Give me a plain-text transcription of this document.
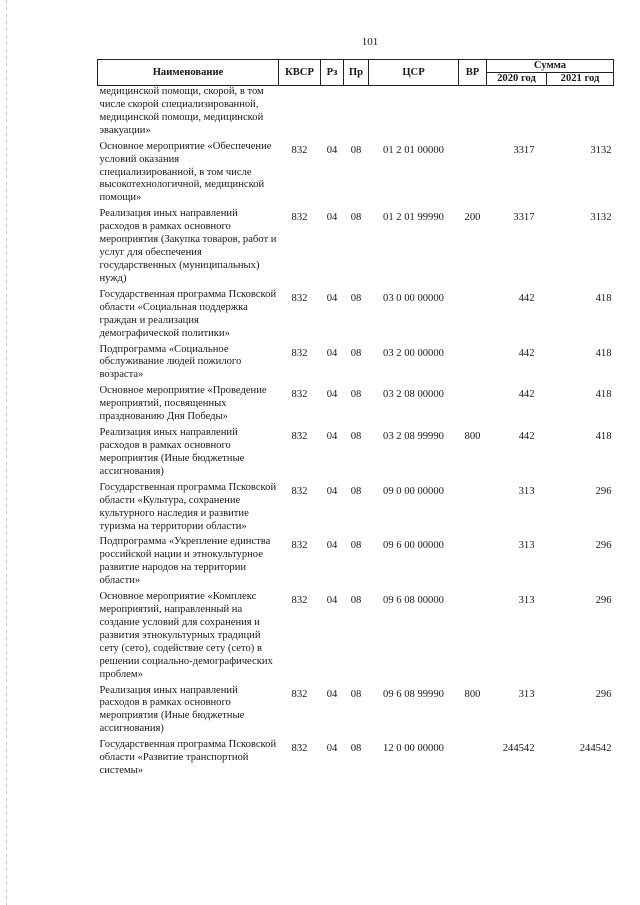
101
Наименование	КВСР	Рз	Пр	ЦСР	ВР	Сумма	
						2020 год	2021 год
медицинской помощи, скорой, в том числе скорой специализированной, медицинской помощи, медицинской эвакуации»							
Основное мероприятие «Обеспечение условий оказания специализированной, в том числе высокотехнологичной, медицинской помощи»	832	04	08	01 2 01 00000		3317	3132
Реализация иных направлений расходов в рамках основного мероприятия (Закупка товаров, работ и услуг для обеспечения государственных (муниципальных) нужд)	832	04	08	01 2 01 99990	200	3317	3132
Государственная программа Псковской области «Социальная поддержка граждан и реализация демографической политики»	832	04	08	03 0 00 00000		442	418
Подпрограмма «Социальное обслуживание людей пожилого возраста»	832	04	08	03 2 00 00000		442	418
Основное мероприятие «Проведение мероприятий, посвященных празднованию Дня Победы»	832	04	08	03 2 08 00000		442	418
Реализация иных направлений расходов в рамках основного мероприятия (Иные бюджетные ассигнования)	832	04	08	03 2 08 99990	800	442	418
Государственная программа Псковской области «Культура, сохранение культурного наследия и развитие туризма на территории области»	832	04	08	09 0 00 00000		313	296
Подпрограмма «Укрепление единства российской нации и этнокультурное развитие народов на территории области»	832	04	08	09 6 00 00000		313	296
Основное мероприятие «Комплекс мероприятий, направленный на создание условий для сохранения и развития этнокультурных традиций сету (сето), содействие сету (сето) в решении социально-демографических проблем»	832	04	08	09 6 08 00000		313	296
Реализация иных направлений расходов в рамках основного мероприятия (Иные бюджетные ассигнования)	832	04	08	09 6 08 99990	800	313	296
Государственная программа Псковской области «Развитие транспортной системы»	832	04	08	12 0 00 00000		244542	244542
